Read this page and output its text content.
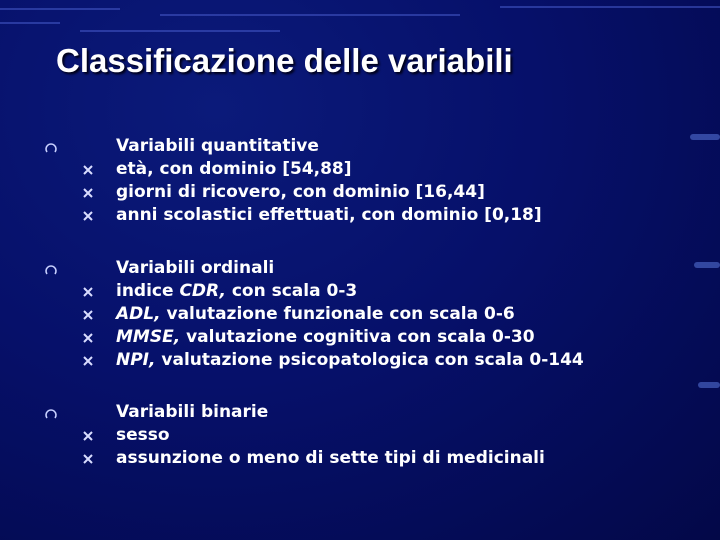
Classificazione delle variabili
Variabili quantitative
età, con dominio [54,88]
giorni di ricovero, con dominio [16,44]
anni scolastici effettuati, con dominio [0,18]
Variabili ordinali
indice CDR, con scala 0-3
ADL, valutazione funzionale con scala 0-6
MMSE, valutazione cognitiva con scala 0-30
NPI, valutazione psicopatologica con scala 0-144
Variabili binarie
sesso
assunzione o meno di sette tipi di medicinali
